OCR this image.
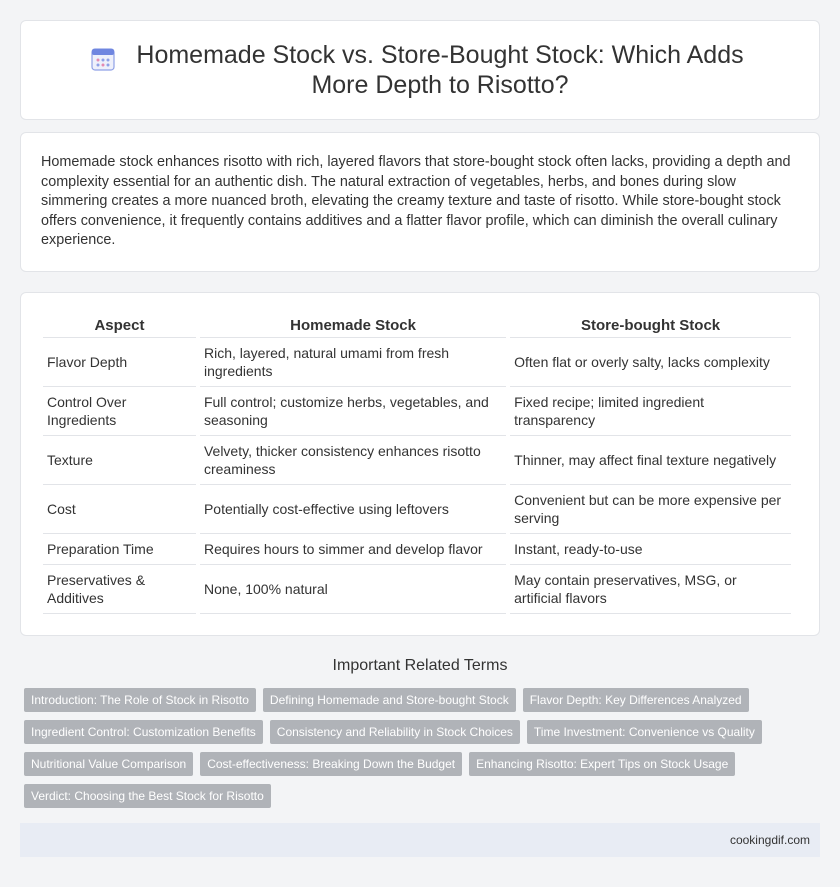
Homemade Stock vs. Store-Bought Stock: Which Adds More Depth to Risotto?

Homemade stock enhances risotto with rich, layered flavors that store-bought stock often lacks, providing a depth and complexity essential for an authentic dish. The natural extraction of vegetables, herbs, and bones during slow simmering creates a more nuanced broth, elevating the creamy texture and taste of risotto. While store-bought stock offers convenience, it frequently contains additives and a flatter flavor profile, which can diminish the overall culinary experience.

Aspect	Homemade Stock	Store-bought Stock
Flavor Depth	Rich, layered, natural umami from fresh ingredients	Often flat or overly salty, lacks complexity
Control Over Ingredients	Full control; customize herbs, vegetables, and seasoning	Fixed recipe; limited ingredient transparency
Texture	Velvety, thicker consistency enhances risotto creaminess	Thinner, may affect final texture negatively
Cost	Potentially cost-effective using leftovers	Convenient but can be more expensive per serving
Preparation Time	Requires hours to simmer and develop flavor	Instant, ready-to-use
Preservatives & Additives	None, 100% natural	May contain preservatives, MSG, or artificial flavors
Important Related Terms
Introduction: The Role of Stock in Risotto	Defining Homemade and Store-bought Stock	Flavor Depth: Key Differences Analyzed
Ingredient Control: Customization Benefits	Consistency and Reliability in Stock Choices	Time Investment: Convenience vs Quality
Nutritional Value Comparison	Cost-effectiveness: Breaking Down the Budget	Enhancing Risotto: Expert Tips on Stock Usage
Verdict: Choosing the Best Stock for Risotto
cookingdif.com
